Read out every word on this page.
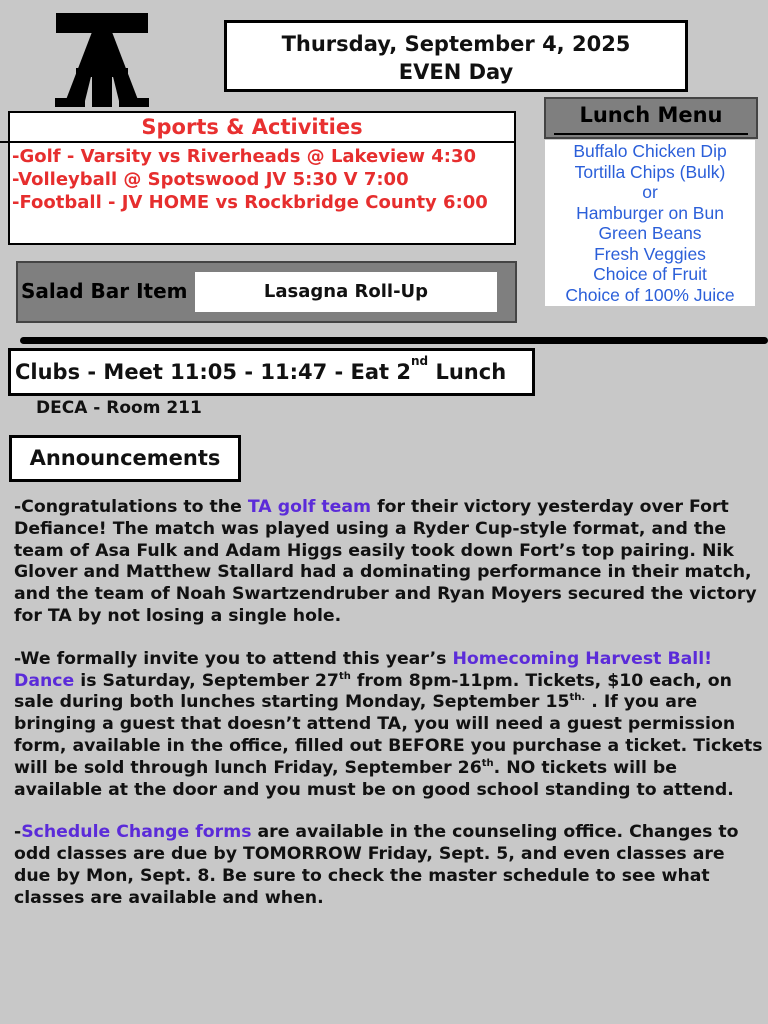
Thursday, September 4, 2025
EVEN Day
Sports & Activities
-Golf - Varsity vs Riverheads @ Lakeview 4:30
-Volleyball @ Spotswood JV 5:30 V 7:00
-Football - JV HOME vs Rockbridge County 6:00
Lunch Menu
Buffalo Chicken Dip
Tortilla Chips (Bulk)
or
Hamburger on Bun
Green Beans
Fresh Veggies
Choice of Fruit
Choice of 100% Juice
Salad Bar Item	Lasagna Roll-Up
Clubs - Meet 11:05 - 11:47 - Eat 2nd Lunch
DECA - Room 211
Announcements

-Congratulations to the TA golf team for their victory yesterday over Fort Defiance! The match was played using a Ryder Cup-style format, and the team of Asa Fulk and Adam Higgs easily took down Fort’s top pairing. Nik Glover and Matthew Stallard had a dominating performance in their match, and the team of Noah Swartzendruber and Ryan Moyers secured the victory for TA by not losing a single hole.

-We formally invite you to attend this year’s Homecoming Harvest Ball! Dance is Saturday, September 27th from 8pm-11pm. Tickets, $10 each, on sale during both lunches starting Monday, September $15^{th.}$ . If you are bringing a guest that doesn’t attend TA, you will need a guest permission form, available in the office, filled out BEFORE you purchase a ticket. Tickets will be sold through lunch Friday, September 26th. NO tickets will be available at the door and you must be on good school standing to attend.

-Schedule Change forms are available in the counseling office. Changes to odd classes are due by TOMORROW Friday, Sept. 5, and even classes are due by Mon, Sept. 8. Be sure to check the master schedule to see what classes are available and when.
